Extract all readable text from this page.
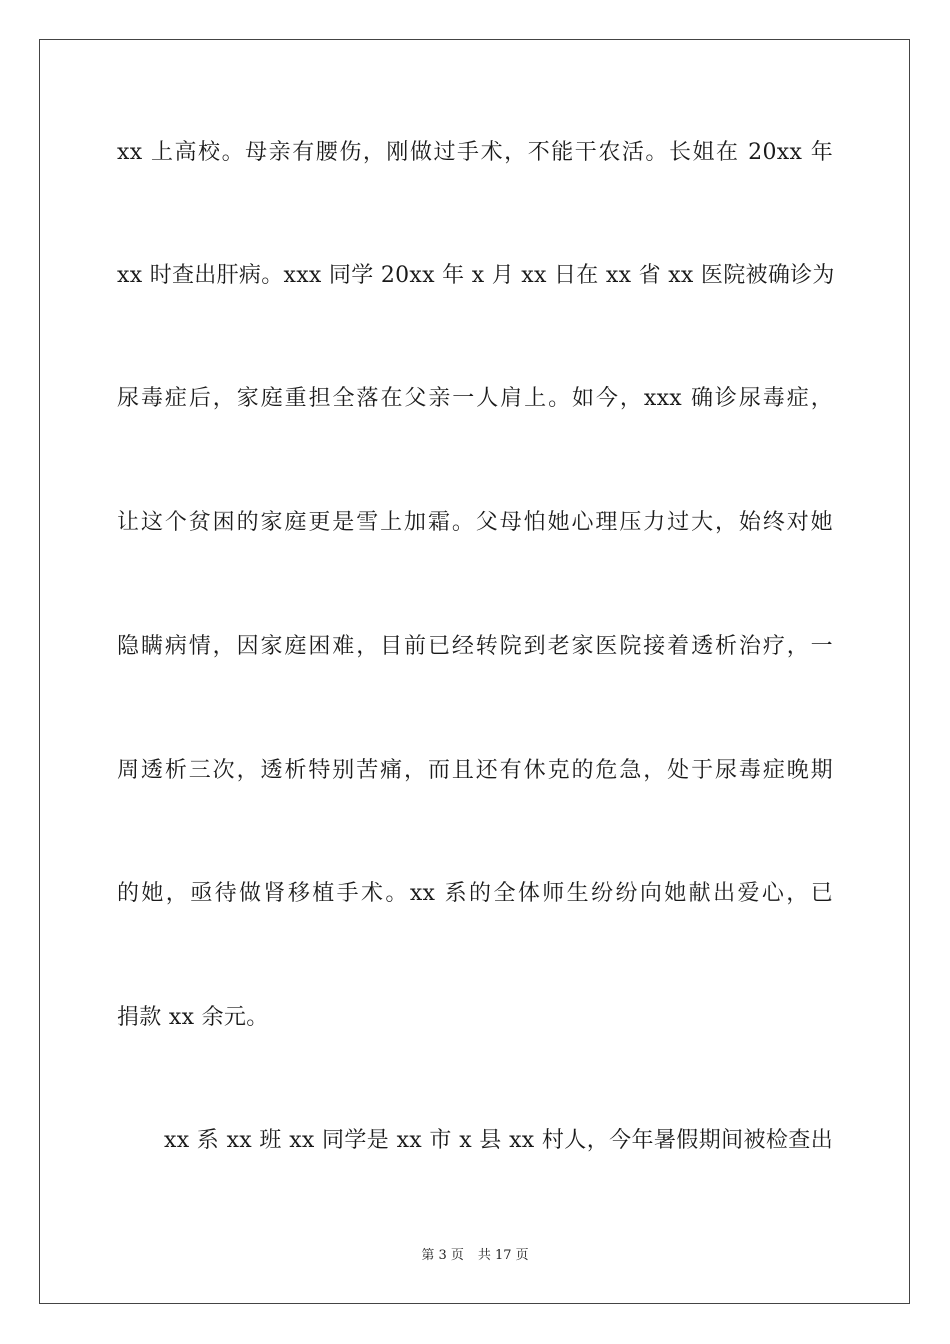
xx 上高校。母亲有腰伤，刚做过手术，不能干农活。长姐在 20xx 年
xx 时查出肝病。xxx 同学 20xx 年 x 月 xx 日在 xx 省 xx 医院被确诊为
尿毒症后，家庭重担全落在父亲一人肩上。如今，xxx 确诊尿毒症，
让这个贫困的家庭更是雪上加霜。父母怕她心理压力过大，始终对她
隐瞒病情，因家庭困难，目前已经转院到老家医院接着透析治疗，一
周透析三次，透析特别苦痛，而且还有休克的危急，处于尿毒症晚期
的她，亟待做肾移植手术。xx 系的全体师生纷纷向她献出爱心，已
捐款 xx 余元。
xx 系 xx 班 xx 同学是 xx 市 x 县 xx 村人，今年暑假期间被检查出
第 3 页 共 17 页
